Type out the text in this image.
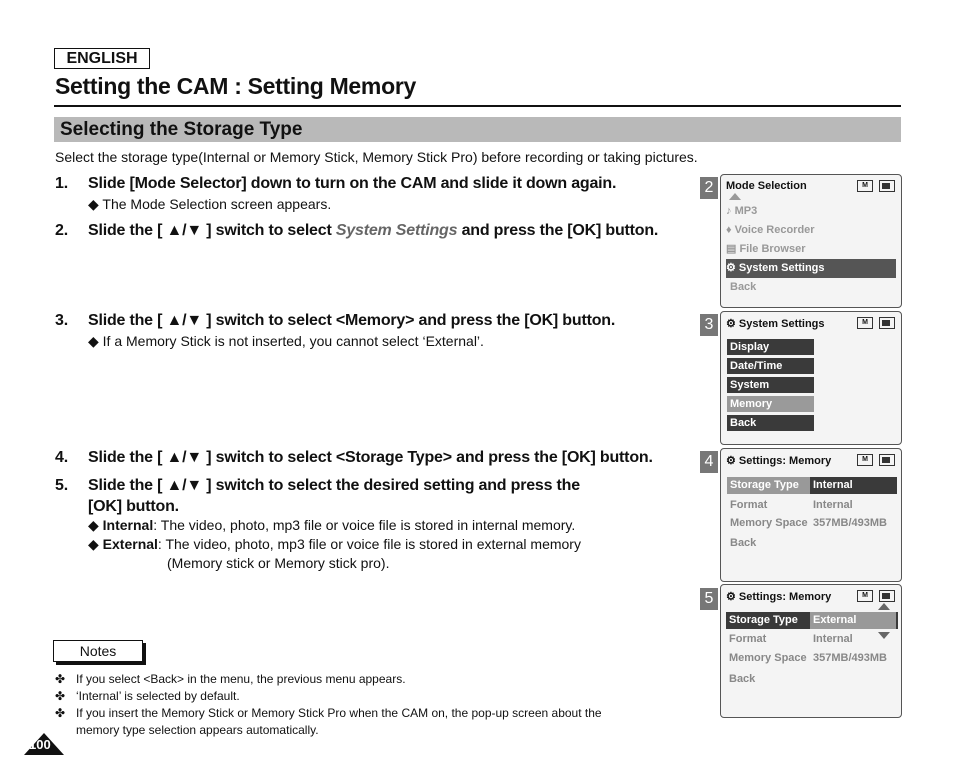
ENGLISH
Setting the CAM : Setting Memory
Selecting the Storage Type
Select the storage type(Internal or Memory Stick, Memory Stick Pro) before recording or taking pictures.
1. Slide [Mode Selector] down to turn on the CAM and slide it down again.
◆ The Mode Selection screen appears.
2. Slide the [ ▲/▼ ] switch to select System Settings and press the [OK] button.
3. Slide the [ ▲/▼ ] switch to select <Memory> and press the [OK] button.
◆ If a Memory Stick is not inserted, you cannot select ‘External’.
4. Slide the [ ▲/▼ ] switch to select <Storage Type> and press the [OK] button.
5. Slide the [ ▲/▼ ] switch to select the desired setting and press the
[OK] button.
◆ Internal: The video, photo, mp3 file or voice file is stored in internal memory.
◆ External: The video, photo, mp3 file or voice file is stored in external memory
(Memory stick or Memory stick pro).
Notes
✤ If you select <Back> in the menu, the previous menu appears.
✤ ‘Internal’ is selected by default.
✤ If you insert the Memory Stick or Memory Stick Pro when the CAM on, the pop-up screen about the
memory type selection appears automatically.
100
2	Mode Selection	M
♪ MP3
♦ Voice Recorder
▤ File Browser
⚙ System Settings
Back
3	⚙ System Settings	M
Display
Date/Time
System
Memory
Back
4	⚙ Settings: Memory	M
Storage Type Internal
Format	Internal
Memory Space 357MB/493MB
Back
5	⚙ Settings: Memory	M
Storage Type External
Format	Internal
Memory Space 357MB/493MB
Back
